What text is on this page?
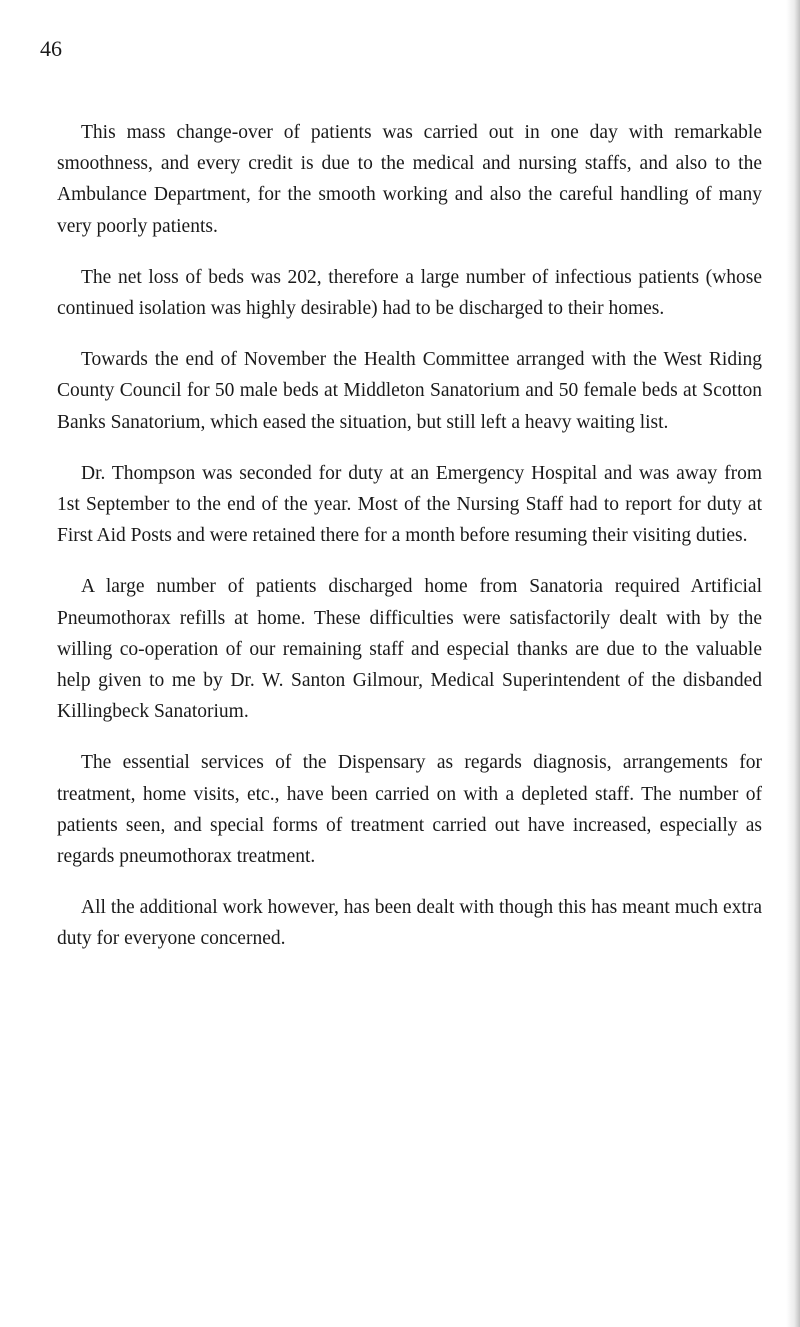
46

This mass change-over of patients was carried out in one day with remarkable smoothness, and every credit is due to the medical and nursing staffs, and also to the Ambulance Department, for the smooth working and also the careful handling of many very poorly patients.

The net loss of beds was 202, therefore a large number of infectious patients (whose continued isolation was highly desirable) had to be discharged to their homes.

Towards the end of November the Health Committee arranged with the West Riding County Council for 50 male beds at Middleton Sanatorium and 50 female beds at Scotton Banks Sanatorium, which eased the situation, but still left a heavy waiting list.

Dr. Thompson was seconded for duty at an Emergency Hospital and was away from 1st September to the end of the year. Most of the Nursing Staff had to report for duty at First Aid Posts and were retained there for a month before resuming their visiting duties.

A large number of patients discharged home from Sanatoria required Artificial Pneumothorax refills at home. These difficulties were satisfactorily dealt with by the willing co-operation of our remaining staff and especial thanks are due to the valuable help given to me by Dr. W. Santon Gilmour, Medical Superintendent of the disbanded Killingbeck Sanatorium.

The essential services of the Dispensary as regards diagnosis, arrangements for treatment, home visits, etc., have been carried on with a depleted staff. The number of patients seen, and special forms of treatment carried out have increased, especially as regards pneumothorax treatment.

All the additional work however, has been dealt with though this has meant much extra duty for everyone concerned.
